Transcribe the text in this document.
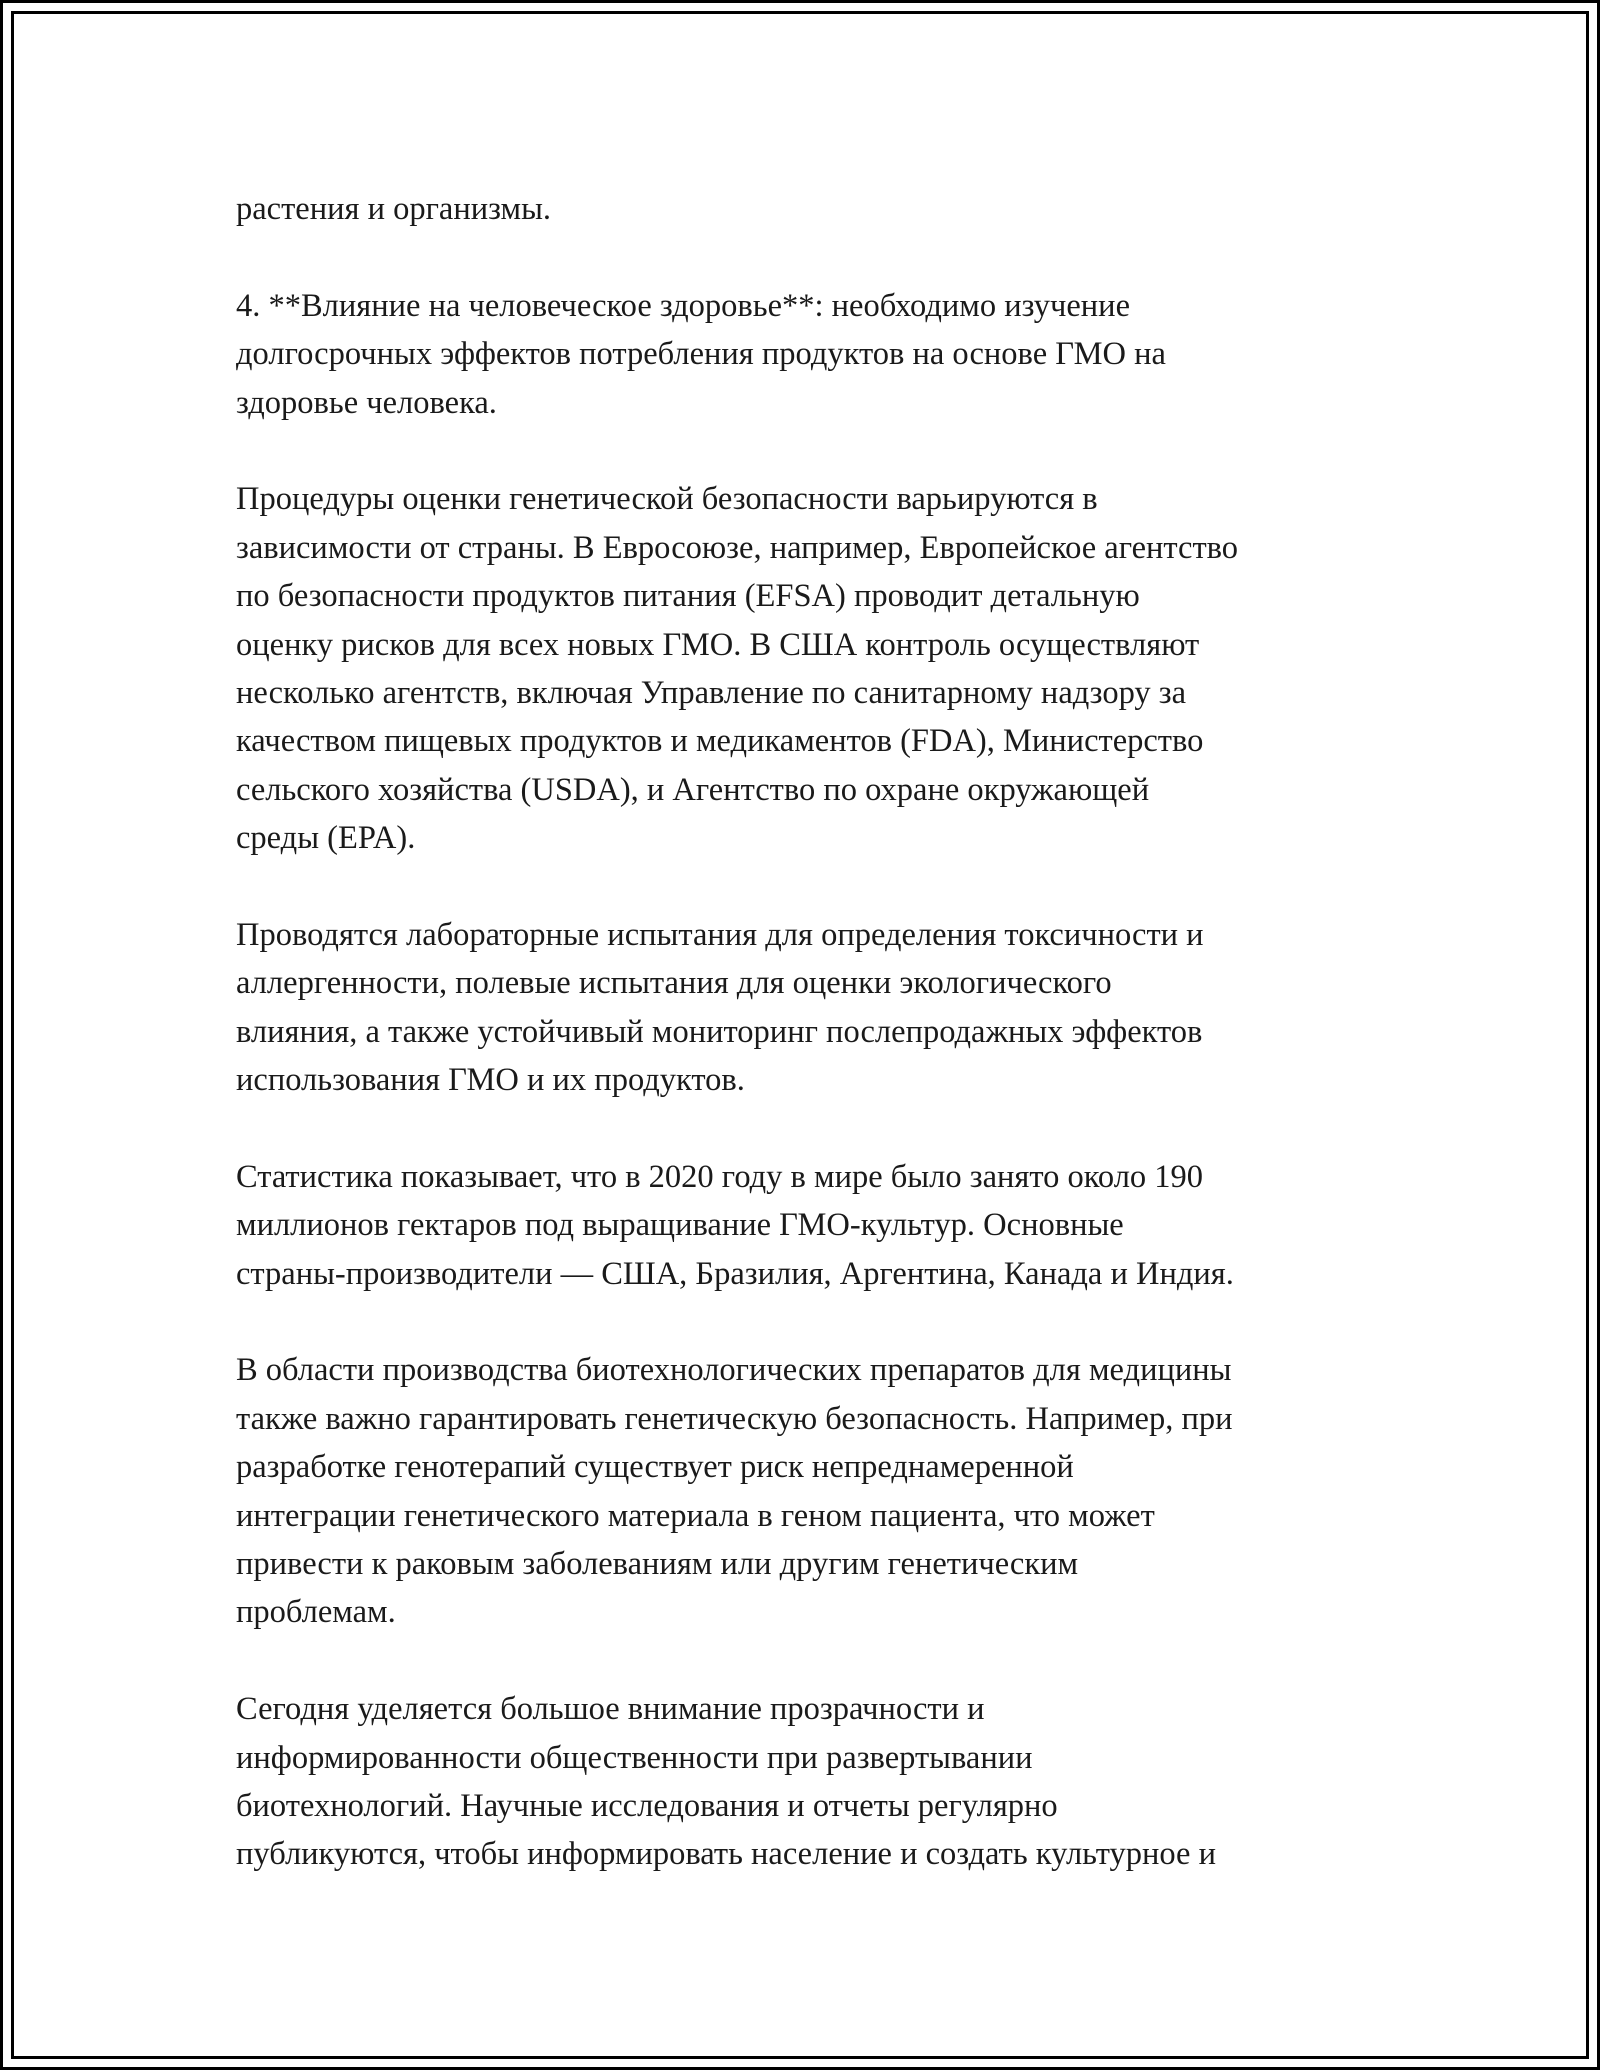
растения и организмы.
4. **Влияние на человеческое здоровье**: необходимо изучение
долгосрочных эффектов потребления продуктов на основе ГМО на
здоровье человека.
Процедуры оценки генетической безопасности варьируются в
зависимости от страны. В Евросоюзе, например, Европейское агентство
по безопасности продуктов питания (EFSA) проводит детальную
оценку рисков для всех новых ГМО. В США контроль осуществляют
несколько агентств, включая Управление по санитарному надзору за
качеством пищевых продуктов и медикаментов (FDA), Министерство
сельского хозяйства (USDA), и Агентство по охране окружающей
среды (EPA).
Проводятся лабораторные испытания для определения токсичности и
аллергенности, полевые испытания для оценки экологического
влияния, а также устойчивый мониторинг послепродажных эффектов
использования ГМО и их продуктов.
Статистика показывает, что в 2020 году в мире было занято около 190
миллионов гектаров под выращивание ГМО-культур. Основные
страны-производители — США, Бразилия, Аргентина, Канада и Индия.
В области производства биотехнологических препаратов для медицины
также важно гарантировать генетическую безопасность. Например, при
разработке генотерапий существует риск непреднамеренной
интеграции генетического материала в геном пациента, что может
привести к раковым заболеваниям или другим генетическим
проблемам.
Сегодня уделяется большое внимание прозрачности и
информированности общественности при развертывании
биотехнологий. Научные исследования и отчеты регулярно
публикуются, чтобы информировать население и создать культурное и
